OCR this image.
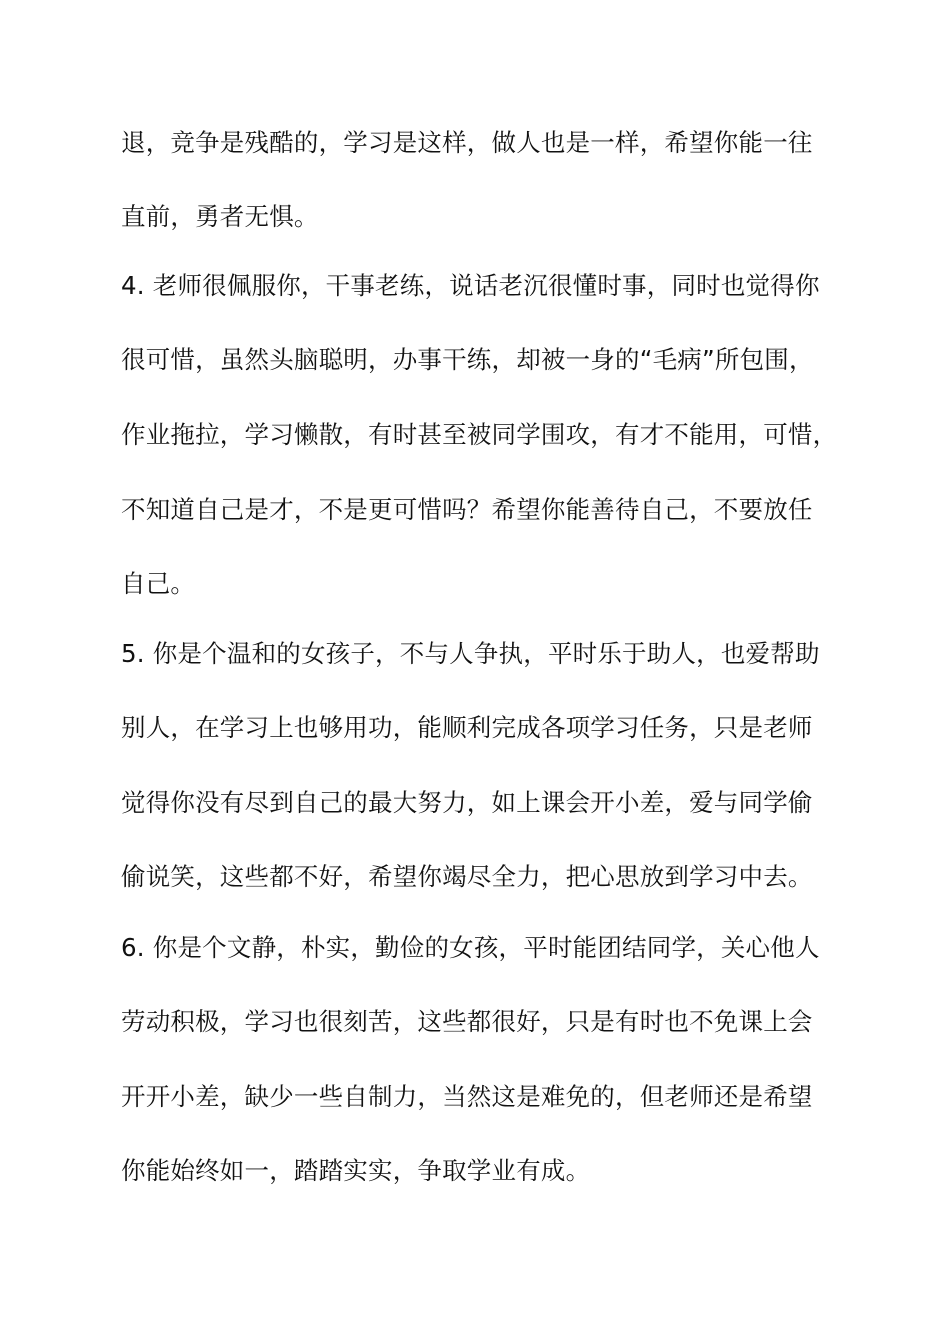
退，竞争是残酷的，学习是这样，做人也是一样，希望你能一往
直前，勇者无惧。
4. 老师很佩服你，干事老练，说话老沉很懂时事，同时也觉得你
很可惜，虽然头脑聪明，办事干练，却被一身的“毛病”所包围，
作业拖拉，学习懒散，有时甚至被同学围攻，有才不能用，可惜，
不知道自己是才，不是更可惜吗？希望你能善待自己，不要放任
自己。
5. 你是个温和的女孩子，不与人争执，平时乐于助人，也爱帮助
别人，在学习上也够用功，能顺利完成各项学习任务，只是老师
觉得你没有尽到自己的最大努力，如上课会开小差，爱与同学偷
偷说笑，这些都不好，希望你竭尽全力，把心思放到学习中去。
6. 你是个文静，朴实，勤俭的女孩，平时能团结同学，关心他人
劳动积极，学习也很刻苦，这些都很好，只是有时也不免课上会
开开小差，缺少一些自制力，当然这是难免的，但老师还是希望
你能始终如一，踏踏实实，争取学业有成。
